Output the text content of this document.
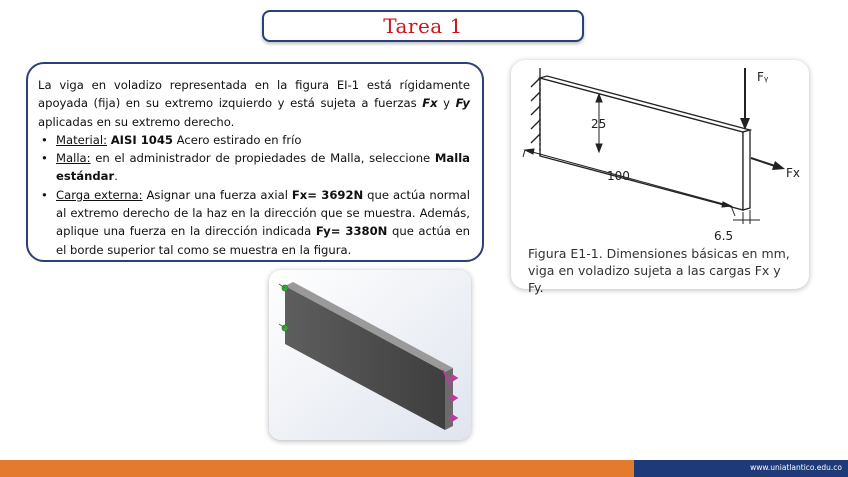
Tarea 1

La viga en voladizo representada en la figura EI-1 está rígidamente apoyada (fija) en su extremo izquierdo y está sujeta a fuerzas Fx y Fy aplicadas en su extremo derecho.

• Material: AISI 1045 Acero estirado en frío
• Malla: en el administrador de propiedades de Malla, seleccione Malla estándar.
• Carga externa: Asignar una fuerza axial Fx= 3692N que actúa normal al extremo derecho de la haz en la dirección que se muestra. Además, aplique una fuerza en la dirección indicada Fy= 3380N que actúa en el borde superior tal como se muestra en la figura.
25
100
6.5
Fᵧ
Fx
Figura E1-1. Dimensiones básicas en mm, viga en voladizo sujeta a las cargas Fx y Fy.
www.uniatlantico.edu.co
